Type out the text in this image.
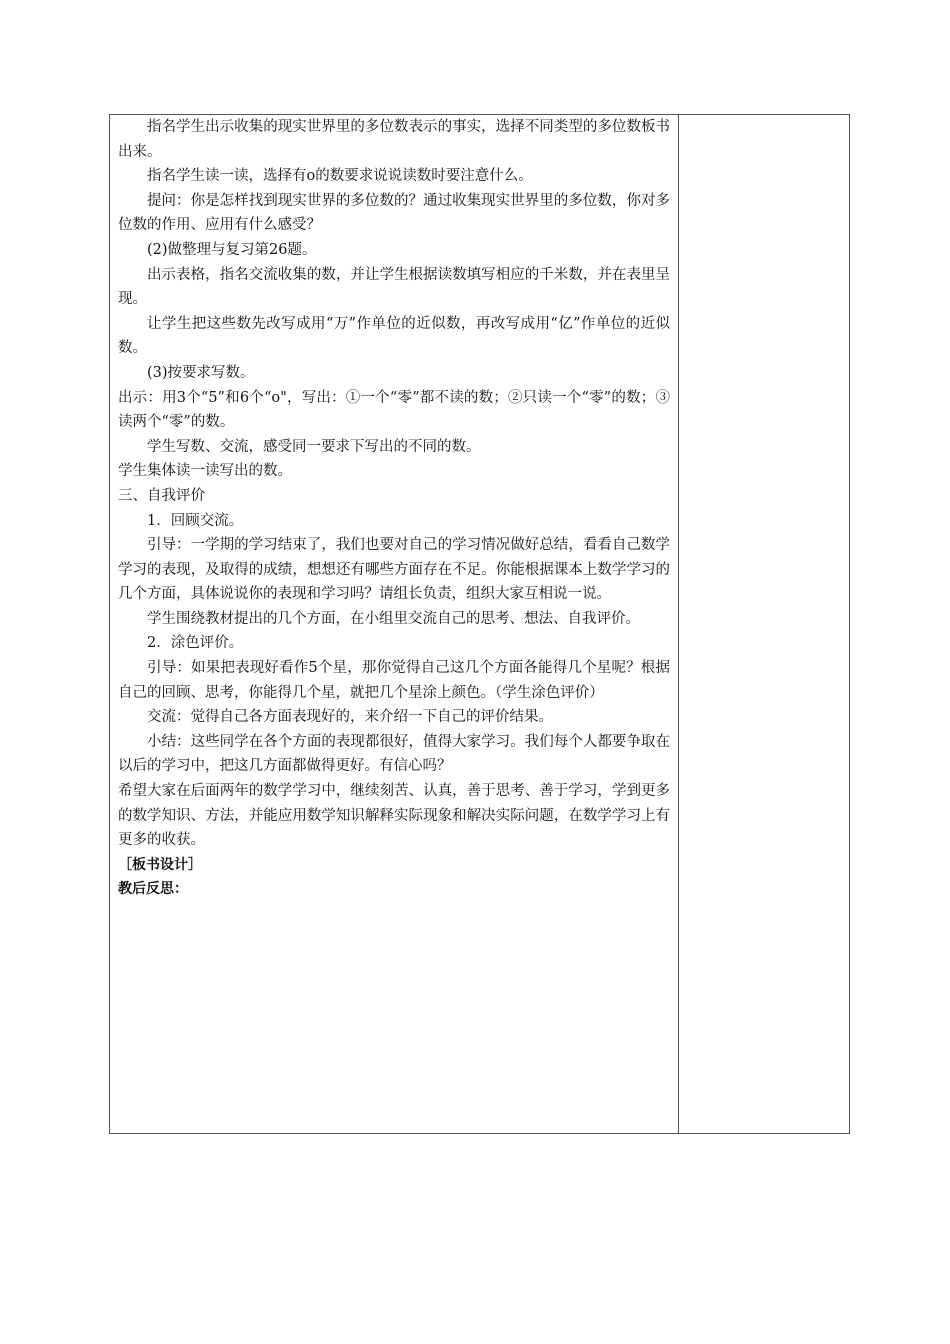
指名学生出示收集的现实世界里的多位数表示的事实，选择不同类型的多位数板书出来。

指名学生读一读，选择有o的数要求说说读数时要注意什么。

提问：你是怎样找到现实世界的多位数的？通过收集现实世界里的多位数，你对多位数的作用、应用有什么感受？

(2)做整理与复习第26题。

出示表格，指名交流收集的数，并让学生根据读数填写相应的千米数，并在表里呈现。

让学生把这些数先改写成用“万”作单位的近似数，再改写成用“亿”作单位的近似数。

(3)按要求写数。

出示：用3个“5”和6个“o"，写出：①一个“零”都不读的数；②只读一个“零”的数；③读两个“零”的数。

学生写数、交流，感受同一要求下写出的不同的数。

学生集体读一读写出的数。

三、自我评价

1．回顾交流。

引导：一学期的学习结束了，我们也要对自己的学习情况做好总结，看看自己数学学习的表现，及取得的成绩，想想还有哪些方面存在不足。你能根据课本上数学学习的几个方面，具体说说你的表现和学习吗？请组长负责，组织大家互相说一说。

学生围绕教材提出的几个方面，在小组里交流自己的思考、想法、自我评价。

2．涂色评价。

引导：如果把表现好看作5个星，那你觉得自己这几个方面各能得几个星呢？根据自己的回顾、思考，你能得几个星，就把几个星涂上颜色。（学生涂色评价）

交流：觉得自己各方面表现好的，来介绍一下自己的评价结果。

小结：这些同学在各个方面的表现都很好，值得大家学习。我们每个人都要争取在以后的学习中，把这几方面都做得更好。有信心吗？

希望大家在后面两年的数学学习中，继续刻苦、认真，善于思考、善于学习，学到更多的数学知识、方法，并能应用数学知识解释实际现象和解决实际问题，在数学学习上有更多的收获。

［板书设计］

教后反思：
